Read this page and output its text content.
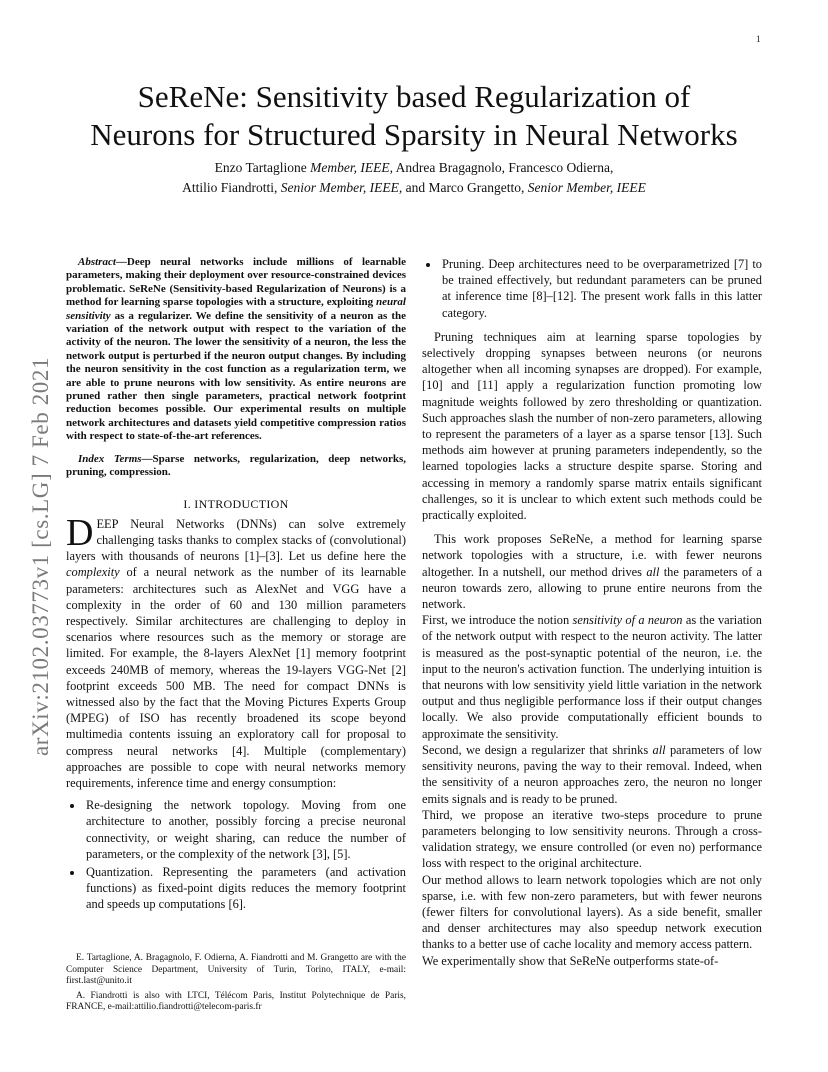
1
arXiv:2102.03773v1 [cs.LG] 7 Feb 2021
SeReNe: Sensitivity based Regularization of
Neurons for Structured Sparsity in Neural Networks
Enzo Tartaglione Member, IEEE, Andrea Bragagnolo, Francesco Odierna,
Attilio Fiandrotti, Senior Member, IEEE, and Marco Grangetto, Senior Member, IEEE

Abstract—Deep neural networks include millions of learnable parameters, making their deployment over resource-constrained devices problematic. SeReNe (Sensitivity-based Regularization of Neurons) is a method for learning sparse topologies with a structure, exploiting neural sensitivity as a regularizer. We define the sensitivity of a neuron as the variation of the network output with respect to the variation of the activity of the neuron. The lower the sensitivity of a neuron, the less the network output is perturbed if the neuron output changes. By including the neuron sensitivity in the cost function as a regularization term, we are able to prune neurons with low sensitivity. As entire neurons are pruned rather then single parameters, practical network footprint reduction becomes possible. Our experimental results on multiple network architectures and datasets yield competitive compression ratios with respect to state-of-the-art references.

Index Terms—Sparse networks, regularization, deep networks, pruning, compression.

I. INTRODUCTION

DEEP Neural Networks (DNNs) can solve extremely challenging tasks thanks to complex stacks of (convolutional) layers with thousands of neurons [1]–[3]. Let us define here the complexity of a neural network as the number of its learnable parameters: architectures such as AlexNet and VGG have a complexity in the order of 60 and 130 million parameters respectively. Similar architectures are challenging to deploy in scenarios where resources such as the memory or storage are limited. For example, the 8-layers AlexNet [1] memory footprint exceeds 240MB of memory, whereas the 19-layers VGG-Net [2] footprint exceeds 500 MB. The need for compact DNNs is witnessed also by the fact that the Moving Pictures Experts Group (MPEG) of ISO has recently broadened its scope beyond multimedia contents issuing an exploratory call for proposal to compress neural networks [4]. Multiple (complementary) approaches are possible to cope with neural networks memory requirements, inference time and energy consumption:

• Re-designing the network topology. Moving from one architecture to another, possibly forcing a precise neuronal connectivity, or weight sharing, can reduce the number of parameters, or the complexity of the network [3], [5].
• Quantization. Representing the parameters (and activation functions) as fixed-point digits reduces the memory footprint and speeds up computations [6].

E. Tartaglione, A. Bragagnolo, F. Odierna, A. Fiandrotti and M. Grangetto are with the Computer Science Department, University of Turin, Torino, ITALY, e-mail: first.last@unito.it

A. Fiandrotti is also with LTCI, Télécom Paris, Institut Polytechnique de Paris, FRANCE, e-mail:attilio.fiandrotti@telecom-paris.fr

• Pruning. Deep architectures need to be overparametrized [7] to be trained effectively, but redundant parameters can be pruned at inference time [8]–[12]. The present work falls in this latter category.

Pruning techniques aim at learning sparse topologies by selectively dropping synapses between neurons (or neurons altogether when all incoming synapses are dropped). For example, [10] and [11] apply a regularization function promoting low magnitude weights followed by zero thresholding or quantization. Such approaches slash the number of non-zero parameters, allowing to represent the parameters of a layer as a sparse tensor [13]. Such methods aim however at pruning parameters independently, so the learned topologies lacks a structure despite sparse. Storing and accessing in memory a randomly sparse matrix entails significant challenges, so it is unclear to which extent such methods could be practically exploited.

This work proposes SeReNe, a method for learning sparse network topologies with a structure, i.e. with fewer neurons altogether. In a nutshell, our method drives all the parameters of a neuron towards zero, allowing to prune entire neurons from the network.

First, we introduce the notion sensitivity of a neuron as the variation of the network output with respect to the neuron activity. The latter is measured as the post-synaptic potential of the neuron, i.e. the input to the neuron's activation function. The underlying intuition is that neurons with low sensitivity yield little variation in the network output and thus negligible performance loss if their output changes locally. We also provide computationally efficient bounds to approximate the sensitivity.

Second, we design a regularizer that shrinks all parameters of low sensitivity neurons, paving the way to their removal. Indeed, when the sensitivity of a neuron approaches zero, the neuron no longer emits signals and is ready to be pruned.

Third, we propose an iterative two-steps procedure to prune parameters belonging to low sensitivity neurons. Through a cross-validation strategy, we ensure controlled (or even no) performance loss with respect to the original architecture.

Our method allows to learn network topologies which are not only sparse, i.e. with few non-zero parameters, but with fewer neurons (fewer filters for convolutional layers). As a side benefit, smaller and denser architectures may also speedup network execution thanks to a better use of cache locality and memory access pattern.

We experimentally show that SeReNe outperforms state-of-
